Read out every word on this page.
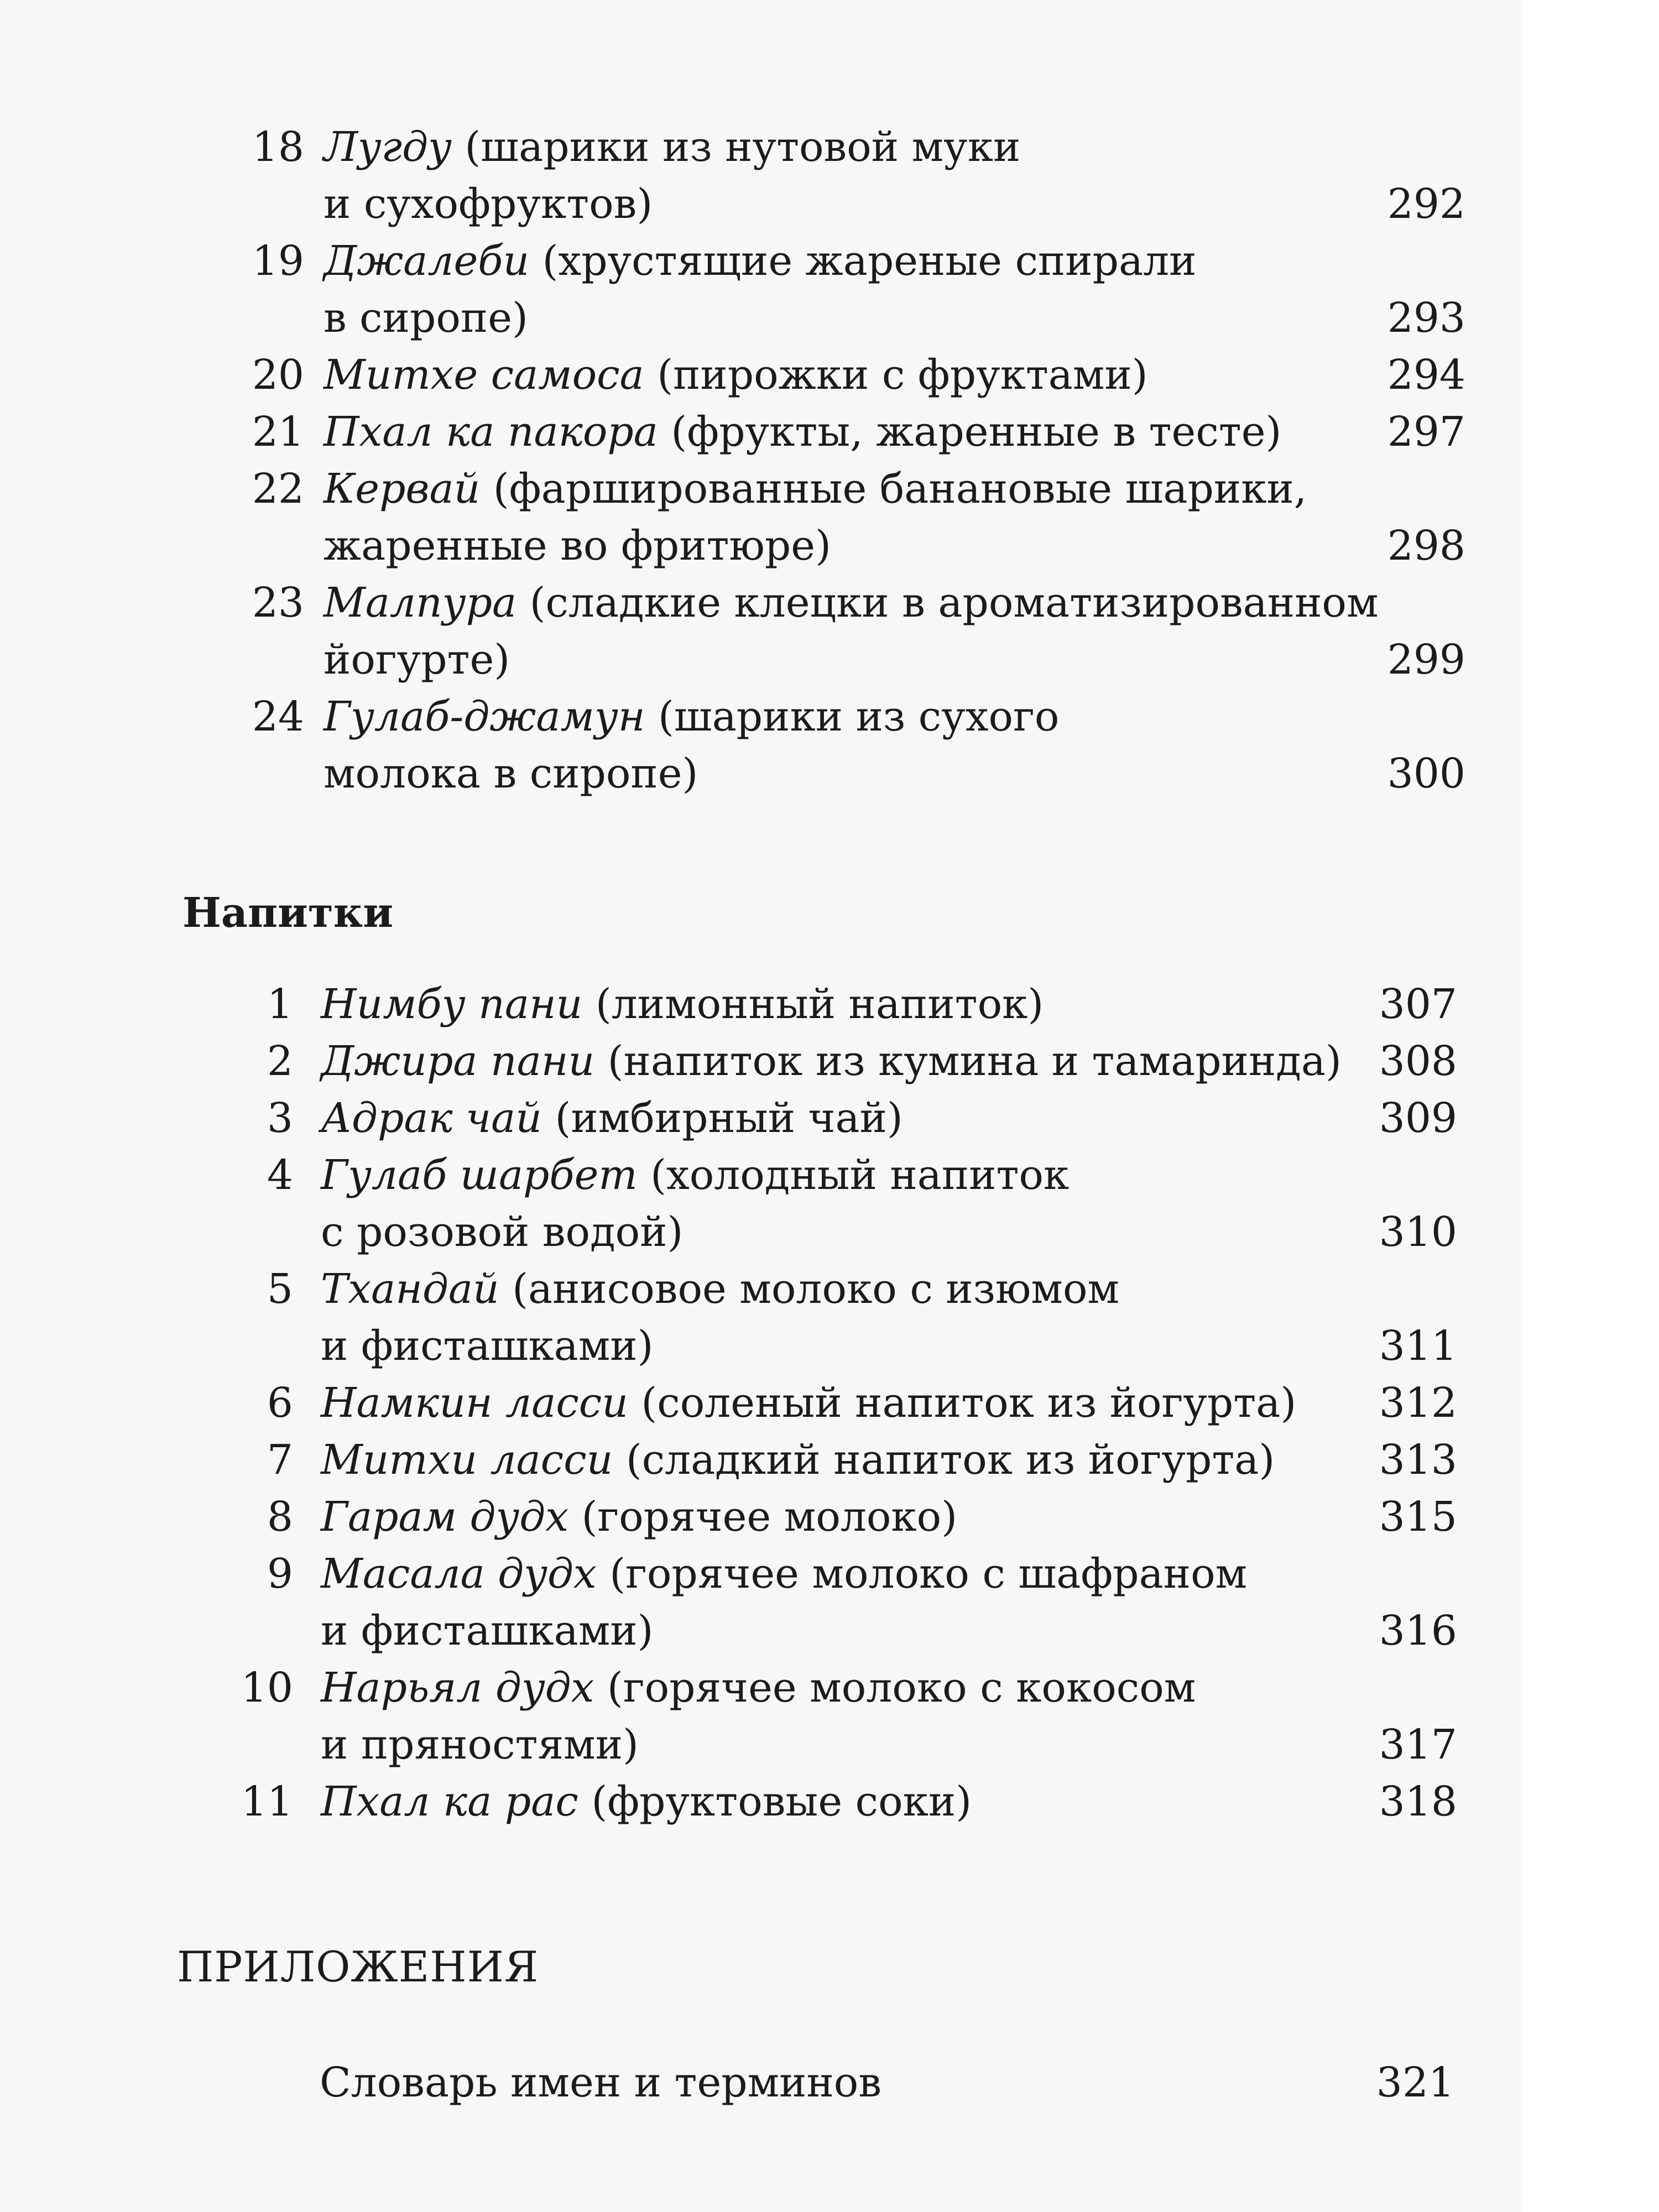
18 Лугду (шарики из нутовой муки
и сухофруктов)	292
19 Джалеби (хрустящие жареные спирали
в сиропе)	293
20 Митхе самоса (пирожки с фруктами)	294
21 Пхал ка пакора (фрукты, жаренные в тесте)	297
22 Кервай (фаршированные банановые шарики,
жаренные во фритюре)	298
23 Малпура (сладкие клецки в ароматизированном
йогурте)	299
24 Гулаб-джамун (шарики из сухого
молока в сиропе)	300
Напитки
1 Нимбу пани (лимонный напиток)	307
2 Джира пани (напиток из кумина и тамаринда) 308
3 Адрак чай (имбирный чай)	309
4 Гулаб шарбет (холодный напиток
с розовой водой)	310
5 Тхандай (анисовое молоко с изюмом
и фисташками)	311
6 Намкин ласси (соленый напиток из йогурта) 312
7 Митхи ласси (сладкий напиток из йогурта)	313
8 Гарам дудх (горячее молоко)	315
9 Масала дудх (горячее молоко с шафраном
и фисташками)	316
10 Нарьял дудх (горячее молоко с кокосом
и пряностями)	317
11 Пхал ка рас (фруктовые соки)	318
ПРИЛОЖЕНИЯ
Словарь имен и терминов	321
